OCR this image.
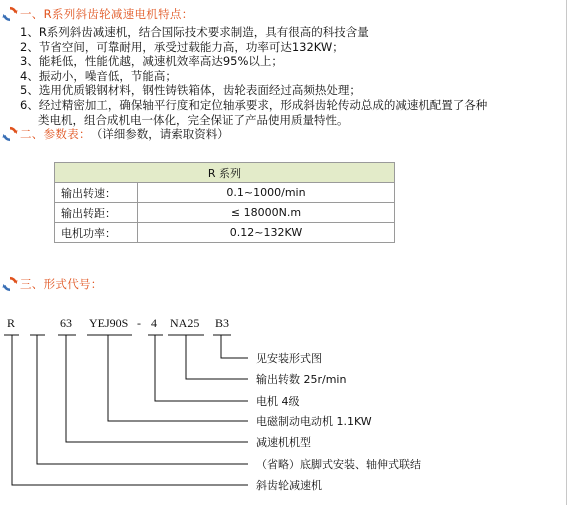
一、R系列斜齿轮减速电机特点：
1、R系列斜齿减速机，结合国际技术要求制造，具有很高的科技含量
2、节省空间，可靠耐用，承受过载能力高，功率可达132KW；
3、能耗低，性能优越，减速机效率高达95%以上；
4、振动小，噪音低，节能高；
5、选用优质锻钢材料，钢性铸铁箱体，齿轮表面经过高频热处理；
6、经过精密加工，确保轴平行度和定位轴承要求，形成斜齿轮传动总成的减速机配置了各种
类电机，组合成机电一体化，完全保证了产品使用质量特性。
二、参数表： （详细参数，请索取资料）
R 系列	
输出转速：	0.1~1000/min
输出转距：	≤ 18000N.m
电机功率：	0.12~132KW
三、形式代号：
R	63 YEJ90S - 4 NA25 B3
见安装形式图
输出转数 25r/min
电机 4级
电磁制动电动机 1.1KW
减速机机型
（省略）底脚式安装、轴伸式联结
斜齿轮减速机
